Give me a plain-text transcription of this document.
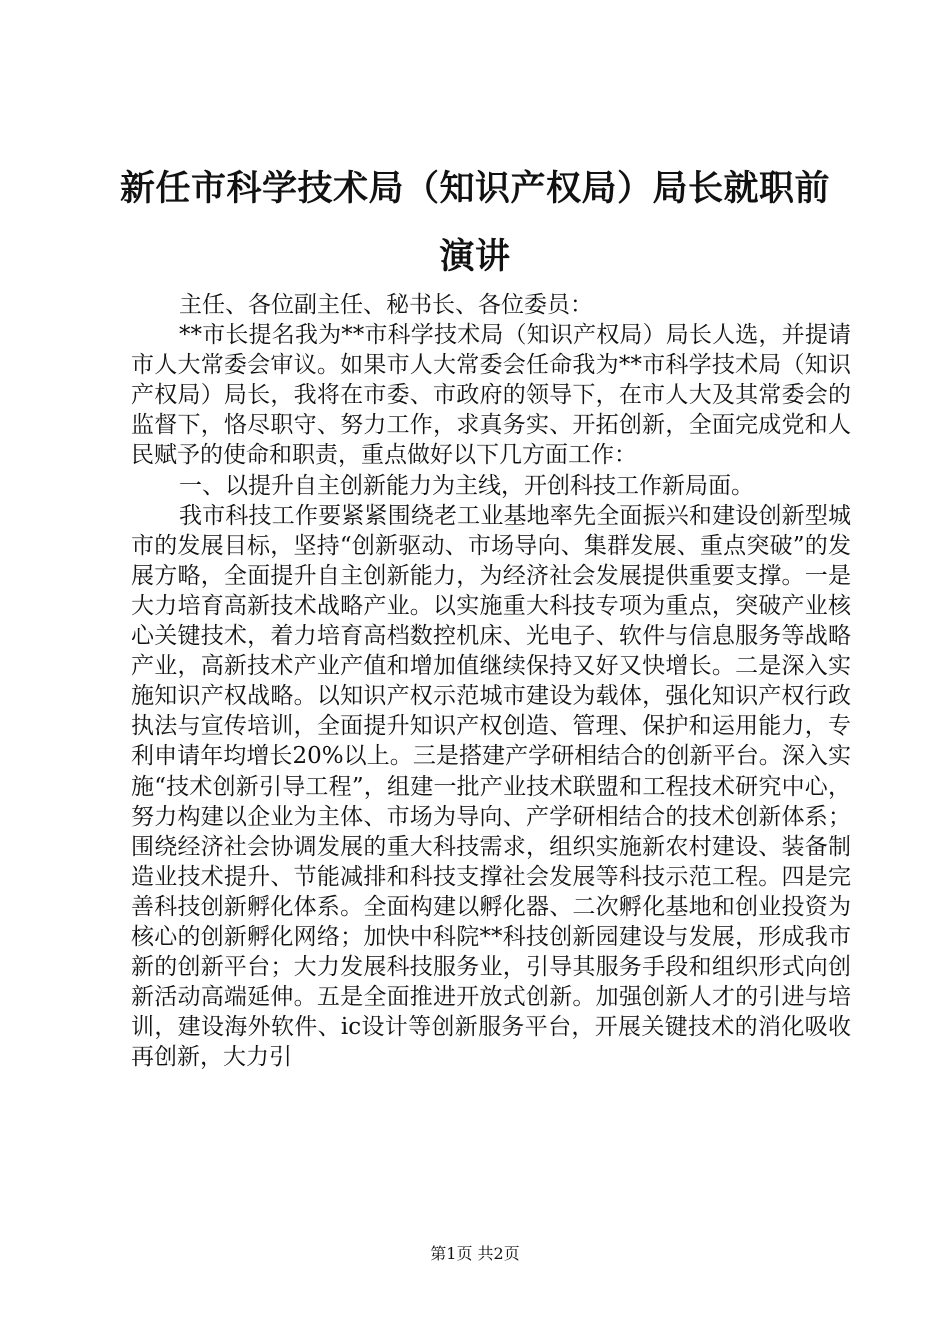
新任市科学技术局（知识产权局）局长就职前
演讲

主任、各位副主任、秘书长、各位委员：

**市长提名我为**市科学技术局（知识产权局）局长人选，并提请市人大常委会审议。如果市人大常委会任命我为**市科学技术局（知识产权局）局长，我将在市委、市政府的领导下，在市人大及其常委会的监督下，恪尽职守、努力工作，求真务实、开拓创新，全面完成党和人民赋予的使命和职责，重点做好以下几方面工作：

一、以提升自主创新能力为主线，开创科技工作新局面。

我市科技工作要紧紧围绕老工业基地率先全面振兴和建设创新型城市的发展目标，坚持“创新驱动、市场导向、集群发展、重点突破”的发展方略，全面提升自主创新能力，为经济社会发展提供重要支撑。一是大力培育高新技术战略产业。以实施重大科技专项为重点，突破产业核心关键技术，着力培育高档数控机床、光电子、软件与信息服务等战略产业，高新技术产业产值和增加值继续保持又好又快增长。二是深入实施知识产权战略。以知识产权示范城市建设为载体，强化知识产权行政执法与宣传培训，全面提升知识产权创造、管理、保护和运用能力，专利申请年均增长20%以上。三是搭建产学研相结合的创新平台。深入实施“技术创新引导工程”，组建一批产业技术联盟和工程技术研究中心，努力构建以企业为主体、市场为导向、产学研相结合的技术创新体系；围绕经济社会协调发展的重大科技需求，组织实施新农村建设、装备制造业技术提升、节能减排和科技支撑社会发展等科技示范工程。四是完善科技创新孵化体系。全面构建以孵化器、二次孵化基地和创业投资为核心的创新孵化网络；加快中科院**科技创新园建设与发展，形成我市新的创新平台；大力发展科技服务业，引导其服务手段和组织形式向创新活动高端延伸。五是全面推进开放式创新。加强创新人才的引进与培训，建设海外软件、ic设计等创新服务平台，开展关键技术的消化吸收再创新，大力引

第1页 共2页
